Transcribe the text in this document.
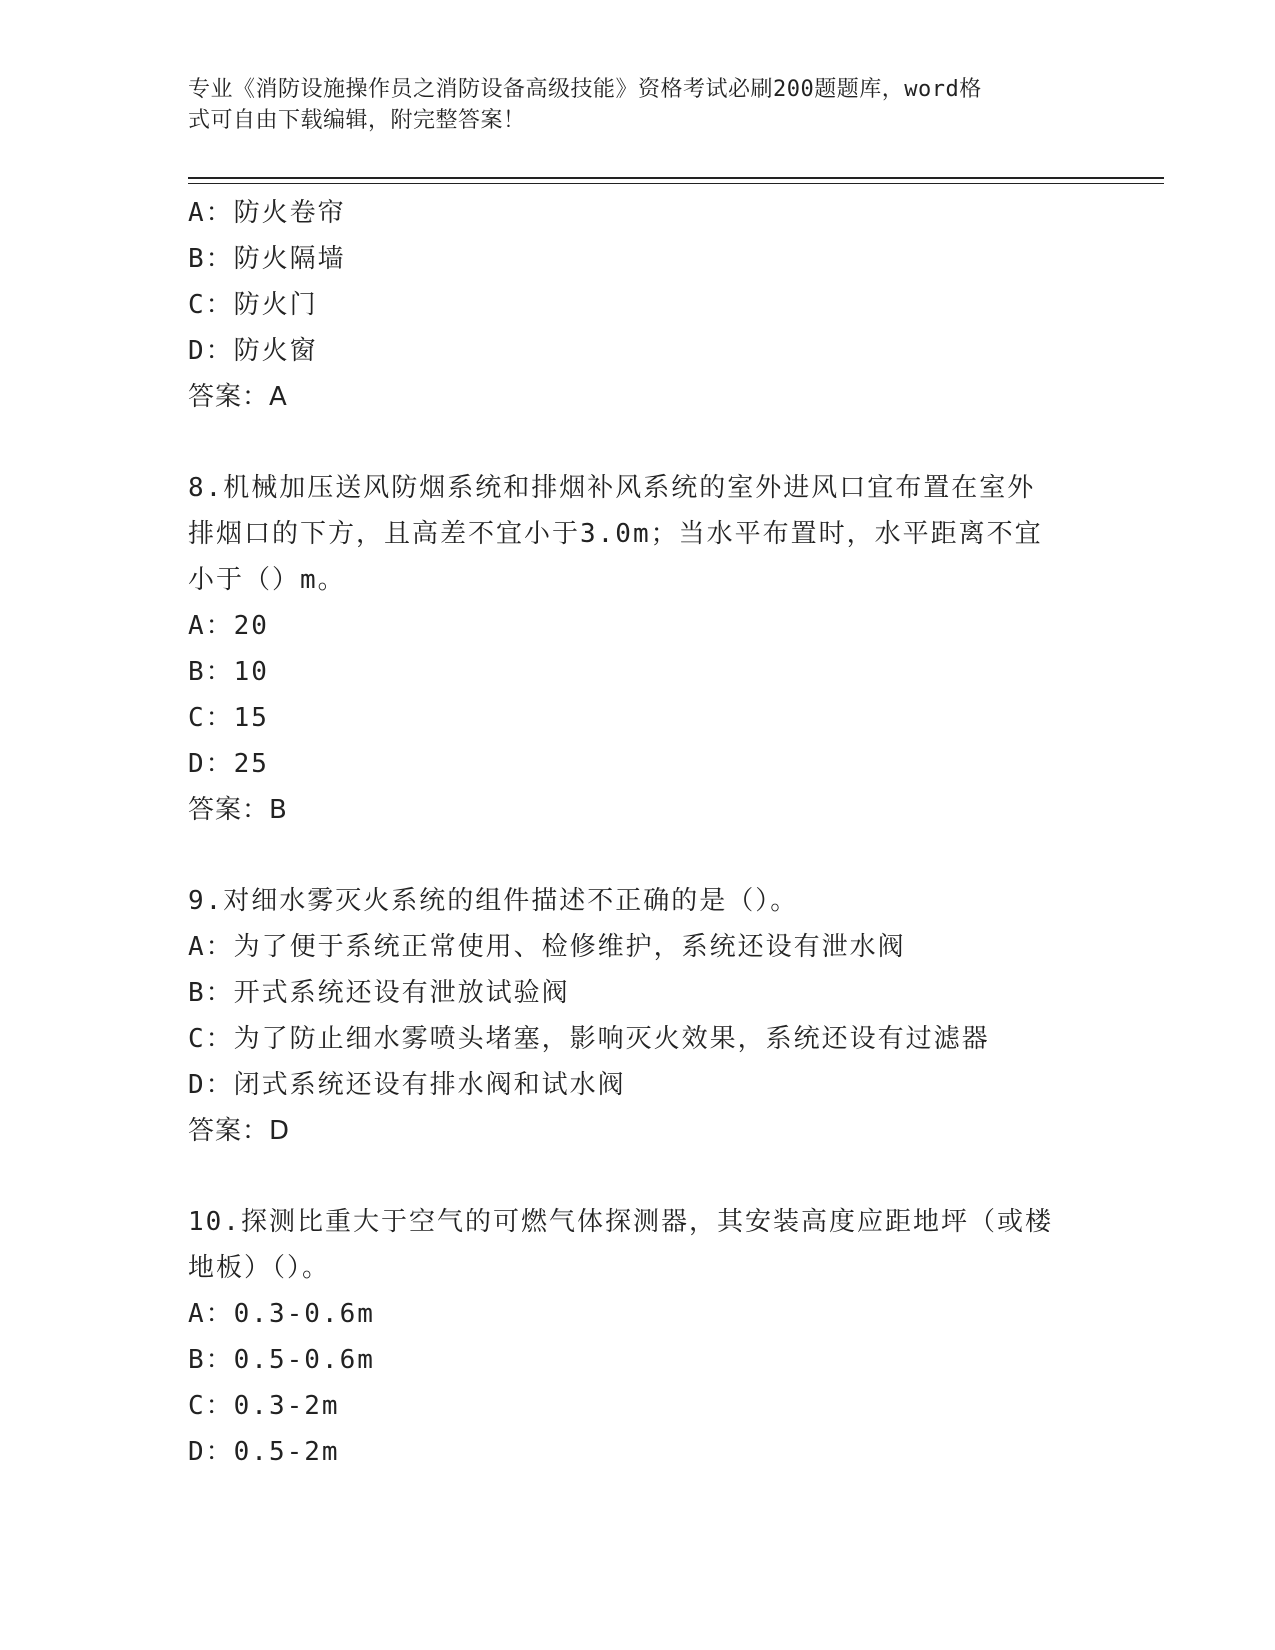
专业《消防设施操作员之消防设备高级技能》资格考试必刷200题题库，word格
式可自由下载编辑，附完整答案！
A：防火卷帘
B：防火隔墙
C：防火门
D：防火窗
答案：A
8.机械加压送风防烟系统和排烟补风系统的室外进风口宜布置在室外
排烟口的下方，且高差不宜小于3.0m；当水平布置时，水平距离不宜
小于（）m。
A：20
B：10
C：15
D：25
答案：B
9.对细水雾灭火系统的组件描述不正确的是（）。
A：为了便于系统正常使用、检修维护，系统还设有泄水阀
B：开式系统还设有泄放试验阀
C：为了防止细水雾喷头堵塞，影响灭火效果，系统还设有过滤器
D：闭式系统还设有排水阀和试水阀
答案：D
10.探测比重大于空气的可燃气体探测器，其安装高度应距地坪（或楼
地板）（）。
A：0.3-0.6m
B：0.5-0.6m
C：0.3-2m
D：0.5-2m
